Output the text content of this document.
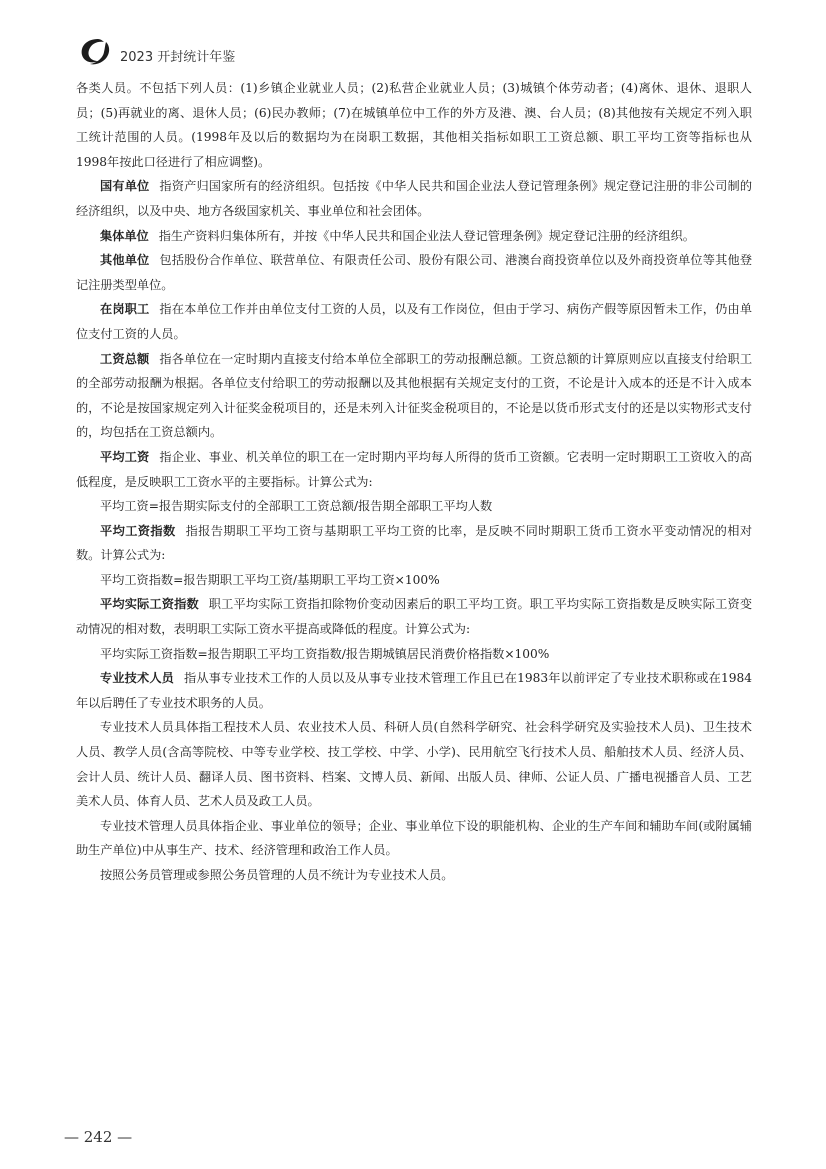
2023 开封统计年鉴

各类人员。不包括下列人员：(1)乡镇企业就业人员；(2)私营企业就业人员；(3)城镇个体劳动者；(4)离休、退休、退职人员；(5)再就业的离、退休人员；(6)民办教师；(7)在城镇单位中工作的外方及港、澳、台人员；(8)其他按有关规定不列入职工统计范围的人员。(1998年及以后的数据均为在岗职工数据，其他相关指标如职工工资总额、职工平均工资等指标也从1998年按此口径进行了相应调整)。

国有单位 指资产归国家所有的经济组织。包括按《中华人民共和国企业法人登记管理条例》规定登记注册的非公司制的经济组织，以及中央、地方各级国家机关、事业单位和社会团体。

集体单位 指生产资料归集体所有，并按《中华人民共和国企业法人登记管理条例》规定登记注册的经济组织。

其他单位 包括股份合作单位、联营单位、有限责任公司、股份有限公司、港澳台商投资单位以及外商投资单位等其他登记注册类型单位。

在岗职工 指在本单位工作并由单位支付工资的人员，以及有工作岗位，但由于学习、病伤产假等原因暂未工作，仍由单位支付工资的人员。

工资总额 指各单位在一定时期内直接支付给本单位全部职工的劳动报酬总额。工资总额的计算原则应以直接支付给职工的全部劳动报酬为根据。各单位支付给职工的劳动报酬以及其他根据有关规定支付的工资，不论是计入成本的还是不计入成本的，不论是按国家规定列入计征奖金税项目的，还是未列入计征奖金税项目的，不论是以货币形式支付的还是以实物形式支付的，均包括在工资总额内。

平均工资 指企业、事业、机关单位的职工在一定时期内平均每人所得的货币工资额。它表明一定时期职工工资收入的高低程度，是反映职工工资水平的主要指标。计算公式为:

平均工资=报告期实际支付的全部职工工资总额/报告期全部职工平均人数

平均工资指数 指报告期职工平均工资与基期职工平均工资的比率，是反映不同时期职工货币工资水平变动情况的相对数。计算公式为:

平均工资指数=报告期职工平均工资/基期职工平均工资×100%

平均实际工资指数 职工平均实际工资指扣除物价变动因素后的职工平均工资。职工平均实际工资指数是反映实际工资变动情况的相对数，表明职工实际工资水平提高或降低的程度。计算公式为:

平均实际工资指数=报告期职工平均工资指数/报告期城镇居民消费价格指数×100%

专业技术人员 指从事专业技术工作的人员以及从事专业技术管理工作且已在1983年以前评定了专业技术职称或在1984年以后聘任了专业技术职务的人员。

专业技术人员具体指工程技术人员、农业技术人员、科研人员(自然科学研究、社会科学研究及实验技术人员)、卫生技术人员、教学人员(含高等院校、中等专业学校、技工学校、中学、小学)、民用航空飞行技术人员、船舶技术人员、经济人员、会计人员、统计人员、翻译人员、图书资料、档案、文博人员、新闻、出版人员、律师、公证人员、广播电视播音人员、工艺美术人员、体育人员、艺术人员及政工人员。

专业技术管理人员具体指企业、事业单位的领导；企业、事业单位下设的职能机构、企业的生产车间和辅助车间(或附属辅助生产单位)中从事生产、技术、经济管理和政治工作人员。

按照公务员管理或参照公务员管理的人员不统计为专业技术人员。

— 242 —
